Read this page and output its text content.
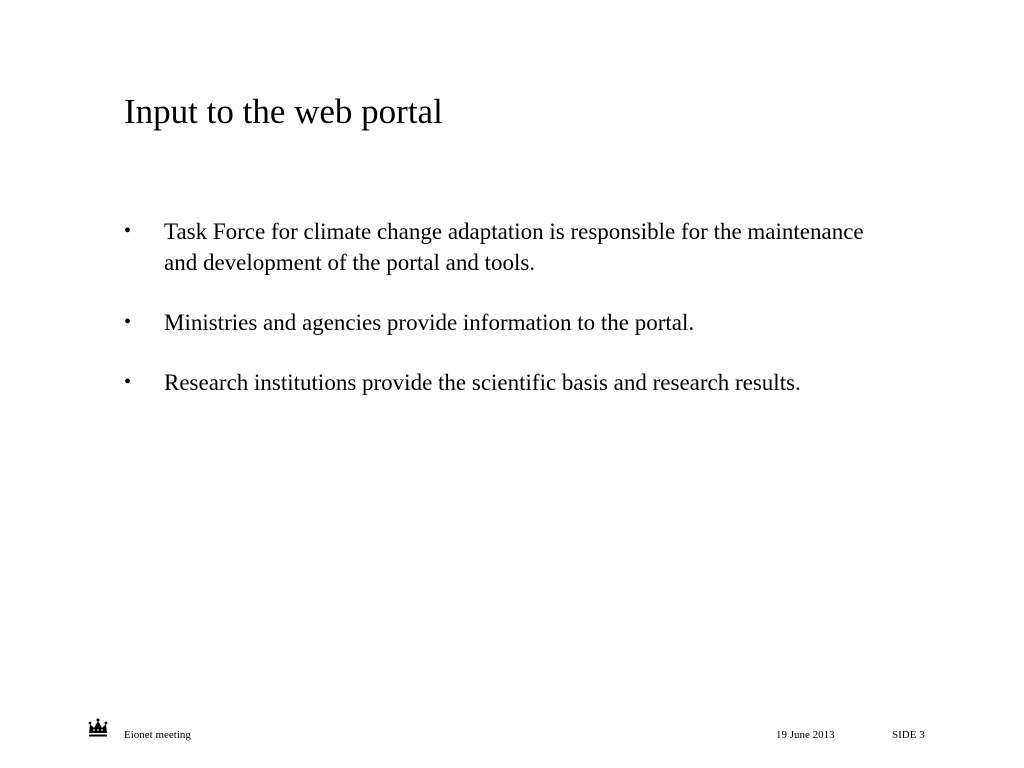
Input to the web portal
• Task Force for climate change adaptation is responsible for the maintenance and development of the portal and tools.
• Ministries and agencies provide information to the portal.
• Research institutions provide the scientific basis and research results.
Eionet meeting	19 June 2013	SIDE 3
